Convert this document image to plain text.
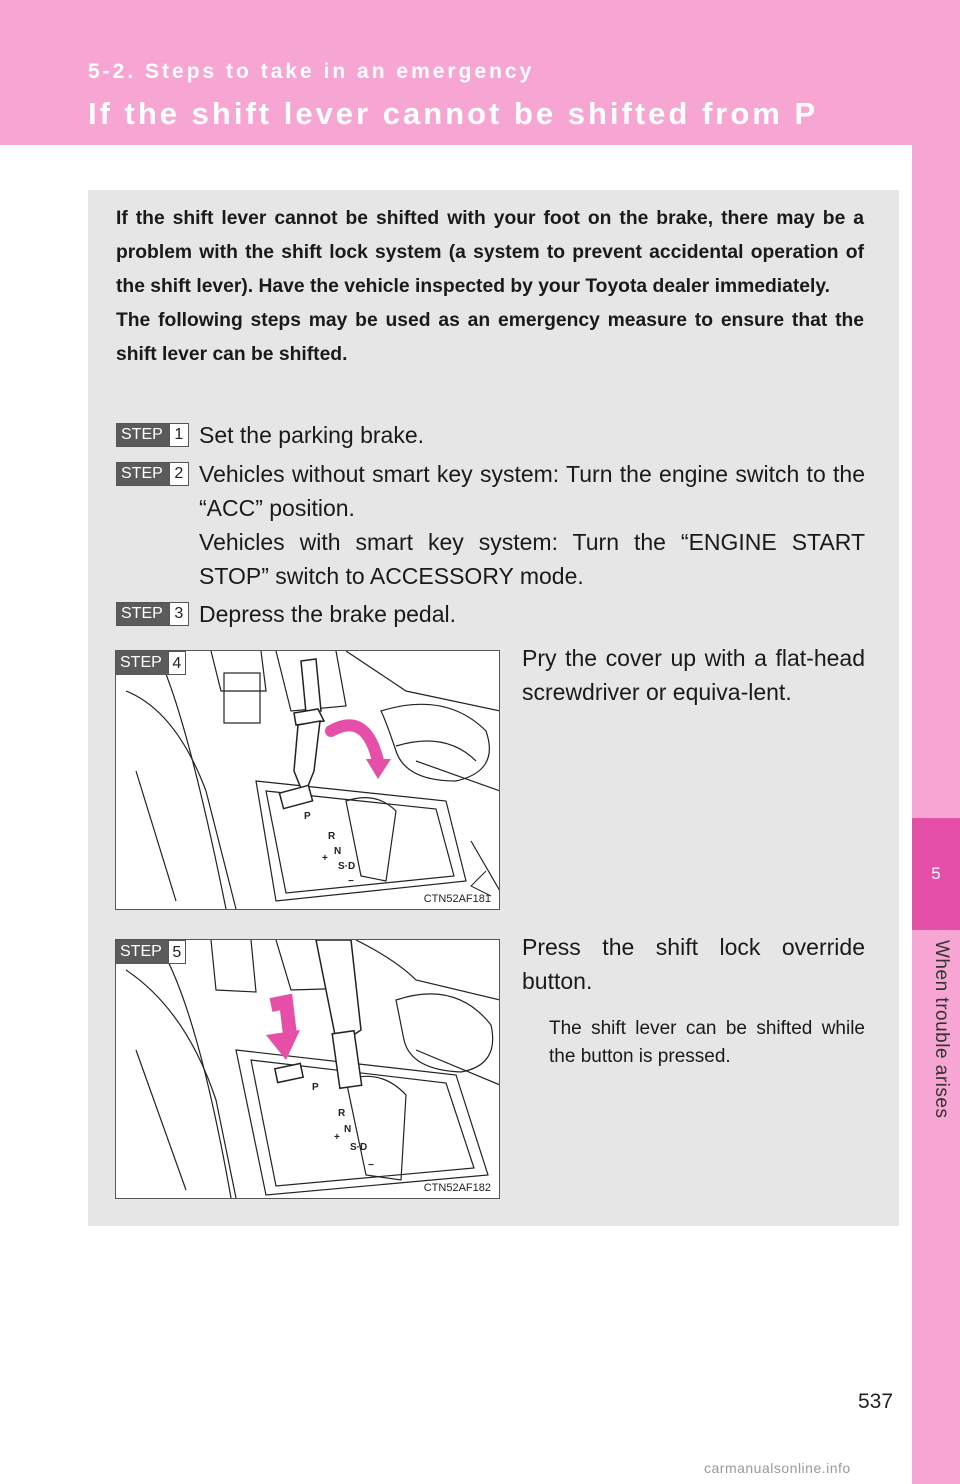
5-2. Steps to take in an emergency
If the shift lever cannot be shifted from P
5
When trouble arises

If the shift lever cannot be shifted with your foot on the brake, there may be a problem with the shift lock system (a system to prevent accidental operation of the shift lever). Have the vehicle inspected by your Toyota dealer immediately.

The following steps may be used as an emergency measure to ensure that the shift lever can be shifted.

STEP 1 Set the parking brake.
STEP 2 Vehicles without smart key system: Turn the engine switch to the “ACC” position.
Vehicles with smart key system: Turn the “ENGINE START STOP” switch to ACCESSORY mode.
STEP 3 Depress the brake pedal.
P
R
N
S·D
+
−
STEP 4
CTN52AF181
Pry the cover up with a flat-head screwdriver or equiva-lent.
P
R
N
S·D
+
−
STEP 5
CTN52AF182
Press the shift lock override button.
The shift lever can be shifted while the button is pressed.
537
carmanualsonline.info
